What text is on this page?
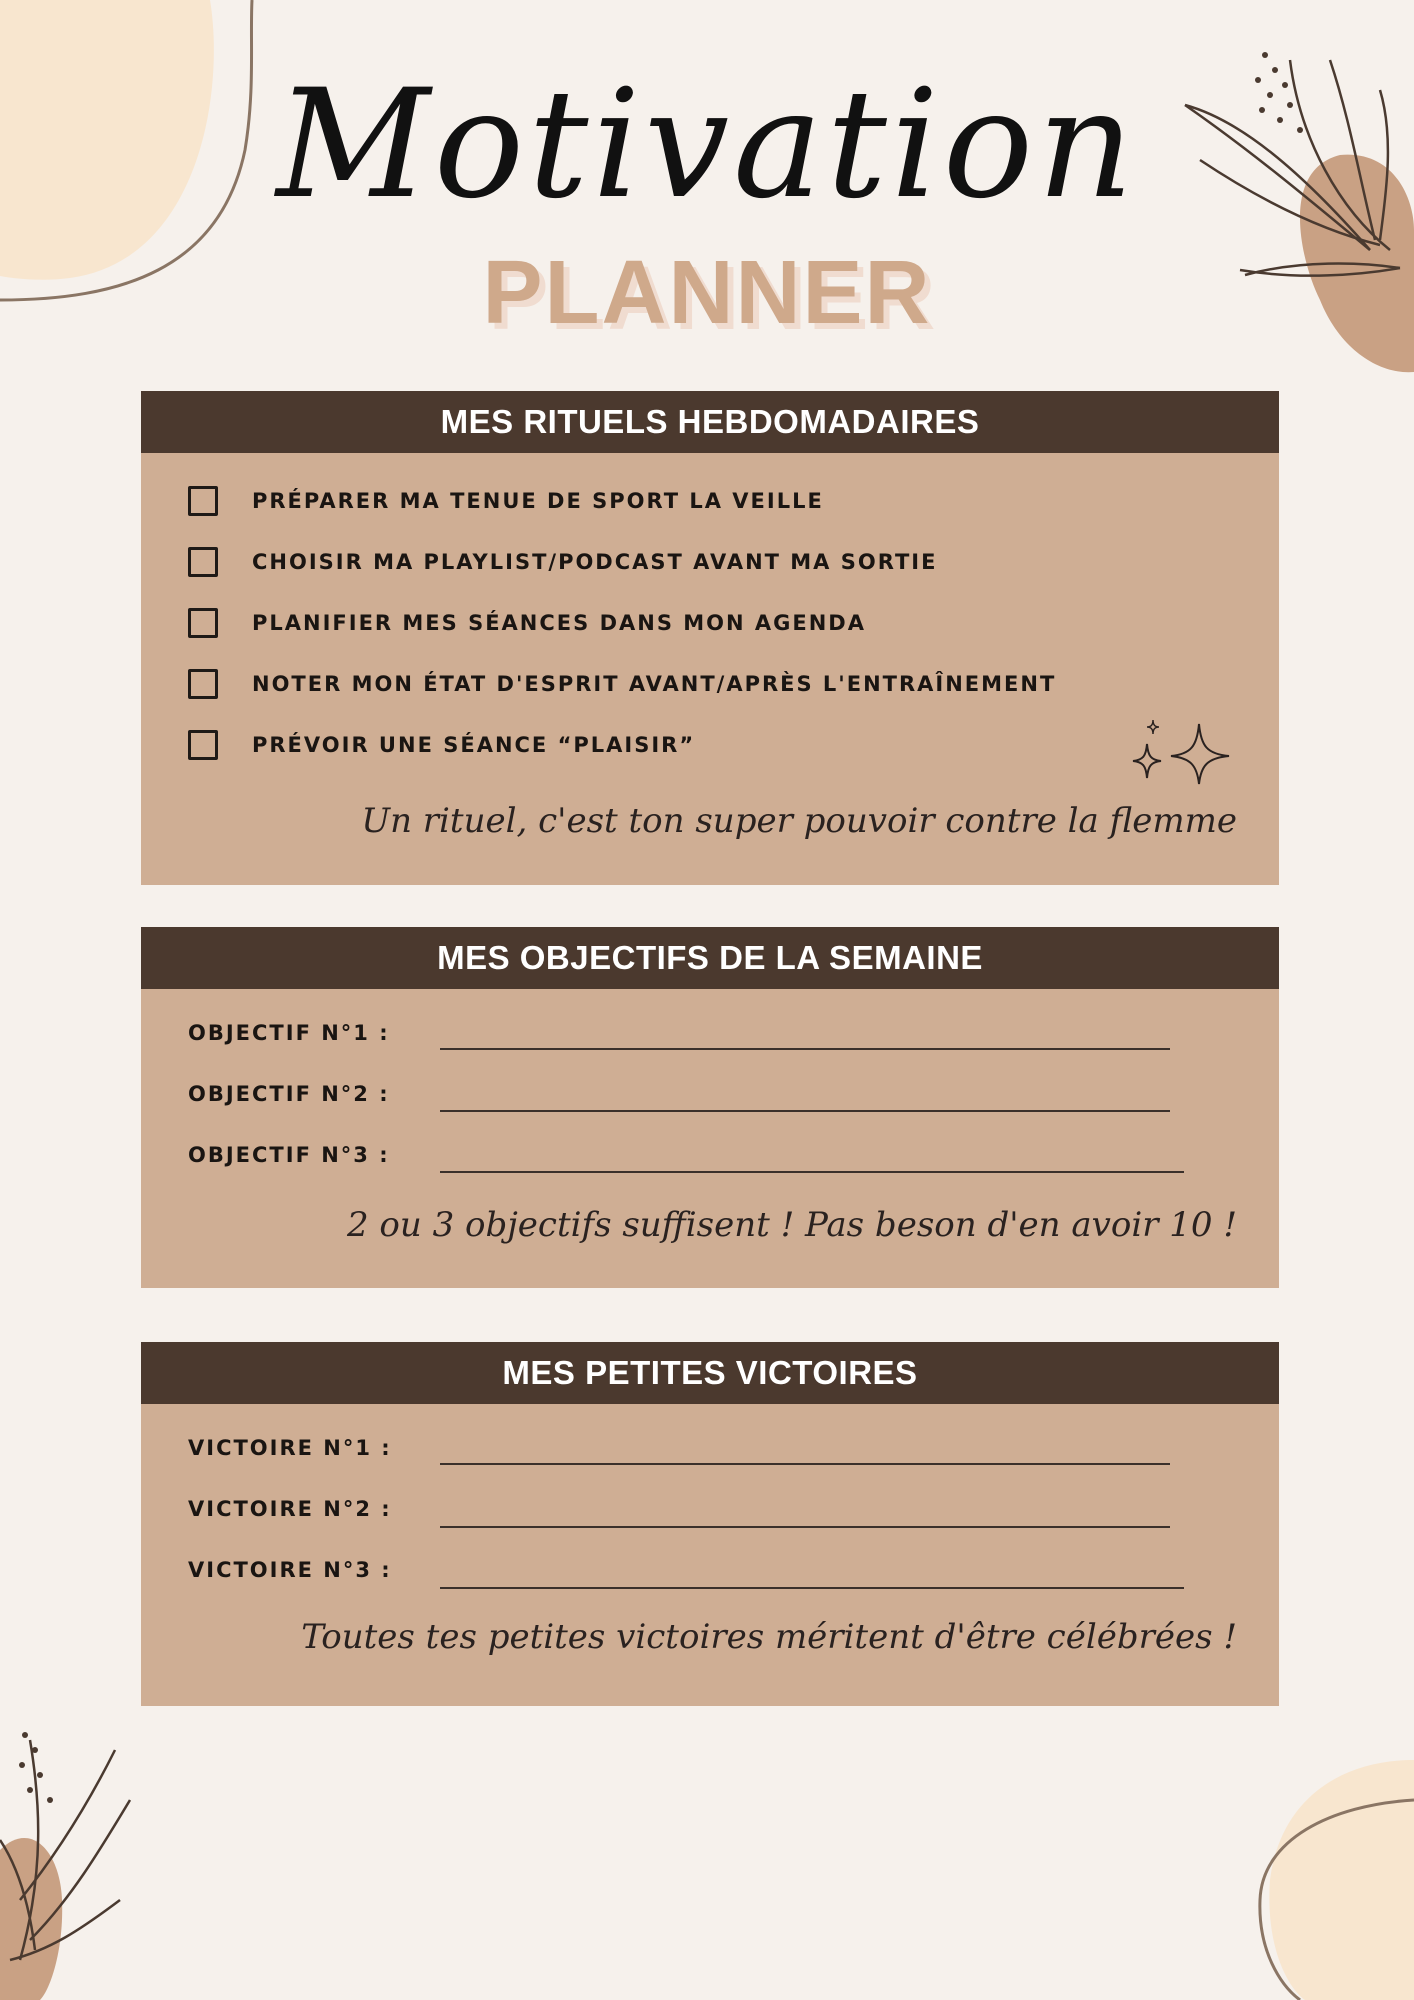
Motivation
PLANNER
MES RITUELS HEBDOMADAIRES
PRÉPARER MA TENUE DE SPORT LA VEILLE
CHOISIR MA PLAYLIST/PODCAST AVANT MA SORTIE
PLANIFIER MES SÉANCES DANS MON AGENDA
NOTER MON ÉTAT D'ESPRIT AVANT/APRÈS L'ENTRAÎNEMENT
PRÉVOIR UNE SÉANCE “PLAISIR”
Un rituel, c'est ton super pouvoir contre la flemme
MES OBJECTIFS DE LA SEMAINE
OBJECTIF N°1 :
OBJECTIF N°2 :
OBJECTIF N°3 :
2 ou 3 objectifs suffisent ! Pas beson d'en avoir 10 !
MES PETITES VICTOIRES
VICTOIRE N°1 :
VICTOIRE N°2 :
VICTOIRE N°3 :
Toutes tes petites victoires méritent d'être célébrées !
